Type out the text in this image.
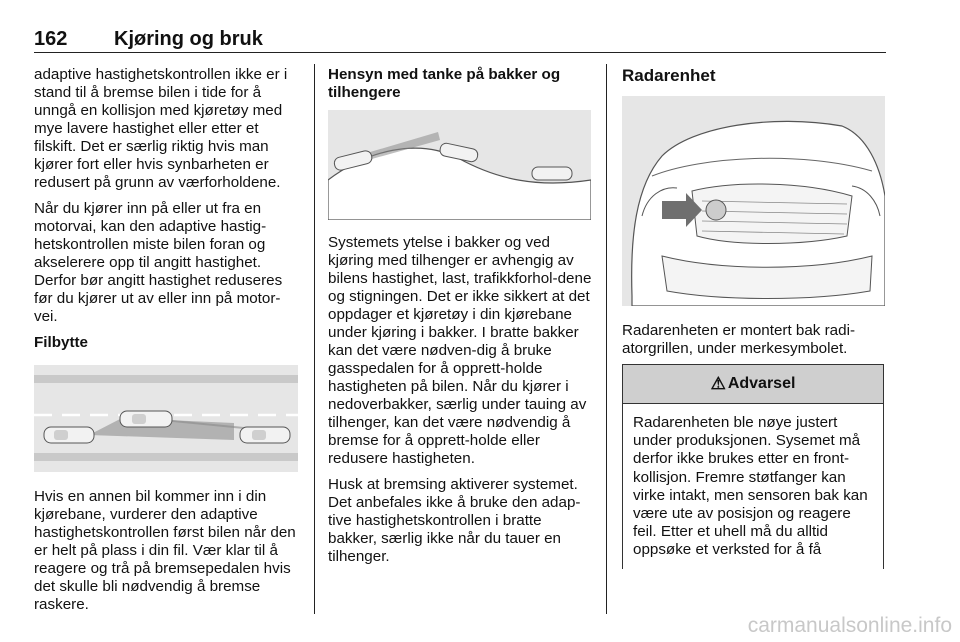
162 Kjøring og bruk

adaptive hastighetskontrollen ikke er i stand til å bremse bilen i tide for å unngå en kollisjon med kjøretøy med mye lavere hastighet eller etter et filskift. Det er særlig riktig hvis man kjører fort eller hvis synbarheten er redusert på grunn av værforholdene.

Når du kjører inn på eller ut fra en motorvai, kan den adaptive hastig-hetskontrollen miste bilen foran og akselerere opp til angitt hastighet. Derfor bør angitt hastighet reduseres før du kjører ut av eller inn på motor-vei.

Filbytte

Hvis en annen bil kommer inn i din kjørebane, vurderer den adaptive hastighetskontrollen først bilen når den er helt på plass i din fil. Vær klar til å reagere og trå på bremsepedalen hvis det skulle bli nødvendig å bremse raskere.

Hensyn med tanke på bakker og tilhengere

Systemets ytelse i bakker og ved kjøring med tilhenger er avhengig av bilens hastighet, last, trafikkforhol-dene og stigningen. Det er ikke sikkert at det oppdager et kjøretøy i din kjørebane under kjøring i bakker. I bratte bakker kan det være nødven-dig å bruke gasspedalen for å opprett-holde hastigheten på bilen. Når du kjører i nedoverbakker, særlig under tauing av tilhenger, kan det være nødvendig å bremse for å opprett-holde eller redusere hastigheten.

Husk at bremsing aktiverer systemet. Det anbefales ikke å bruke den adap-tive hastighetskontrollen i bratte bakker, særlig ikke når du tauer en tilhenger.

Radarenhet

Radarenheten er montert bak radi-atorgrillen, under merkesymbolet.

⚠ Advarsel
Radarenheten ble nøye justert under produksjonen. Sysemet må derfor ikke brukes etter en front-kollisjon. Fremre støtfanger kan virke intakt, men sensoren bak kan være ute av posisjon og reagere feil. Etter et uhell må du alltid oppsøke et verksted for å få
carmanualsonline.info
